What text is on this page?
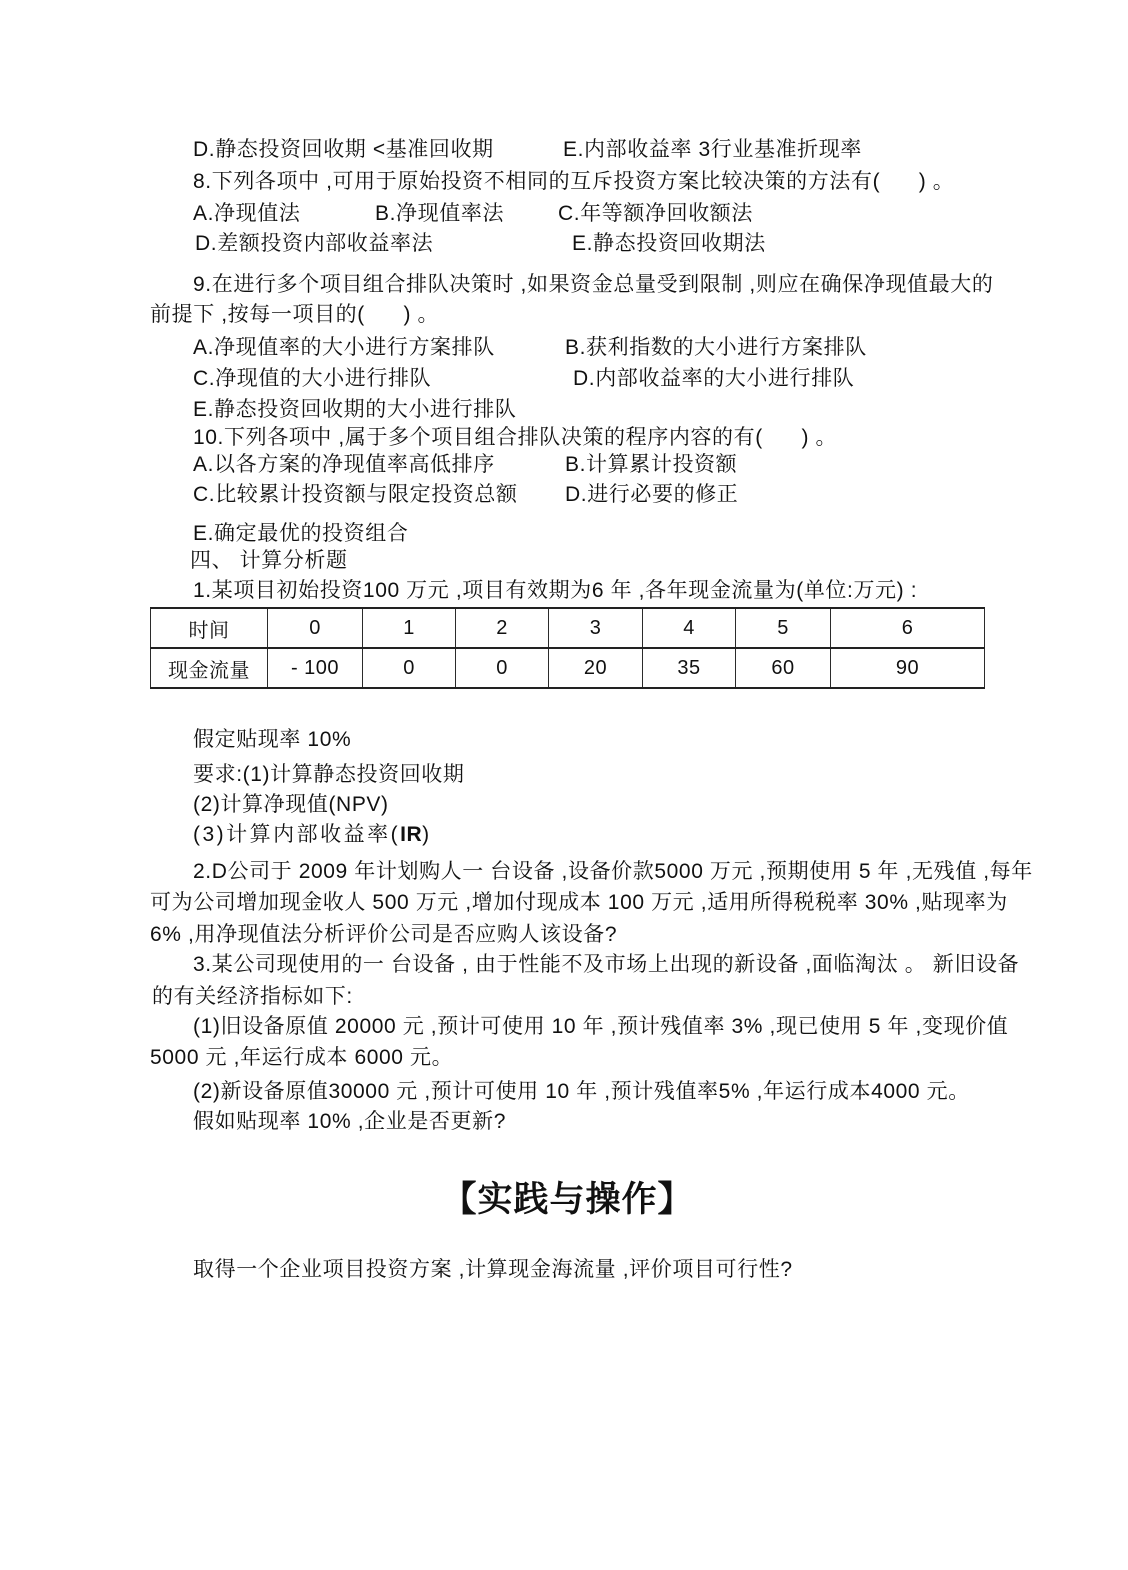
D.静态投资回收期 <基准回收期	E.内部收益率 3行业基准折现率
8.下列各项中 ,可用于原始投资不相同的互斥投资方案比较决策的方法有(      ) 。
A.净现值法	B.净现值率法	C.年等额净回收额法
D.差额投资内部收益率法	E.静态投资回收期法
9.在进行多个项目组合排队决策时 ,如果资金总量受到限制 ,则应在确保净现值最大的
前提下 ,按每一项目的(      ) 。
A.净现值率的大小进行方案排队	B.获利指数的大小进行方案排队
C.净现值的大小进行排队	D.内部收益率的大小进行排队
E.静态投资回收期的大小进行排队
10.下列各项中 ,属于多个项目组合排队决策的程序内容的有(      ) 。
A.以各方案的净现值率高低排序	B.计算累计投资额
C.比较累计投资额与限定投资总额 D.进行必要的修正
E.确定最优的投资组合
四、 计算分析题
1.某项目初始投资100 万元 ,项目有效期为6 年 ,各年现金流量为(单位:万元) :
时间	0	1	2	3	4	5	6
现金流量	- 100	0	0	20	35	60	90
假定贴现率 10%
要求:(1)计算静态投资回收期
(2)计算净现值(NPV)
(3)计算内部收益率(IR)
2.D公司于 2009 年计划购人一 台设备 ,设备价款5000 万元 ,预期使用 5 年 ,无残值 ,每年
可为公司增加现金收人 500 万元 ,增加付现成本 100 万元 ,适用所得税税率 30% ,贴现率为
6% ,用净现值法分析评价公司是否应购人该设备?
3.某公司现使用的一 台设备 , 由于性能不及市场上出现的新设备 ,面临淘汰 。 新旧设备
的有关经济指标如下:
(1)旧设备原值 20000 元 ,预计可使用 10 年 ,预计残值率 3% ,现已使用 5 年 ,变现价值
5000 元 ,年运行成本 6000 元。
(2)新设备原值30000 元 ,预计可使用 10 年 ,预计残值率5% ,年运行成本4000 元。
假如贴现率 10% ,企业是否更新?
【实践与操作】
取得一个企业项目投资方案 ,计算现金海流量 ,评价项目可行性?
